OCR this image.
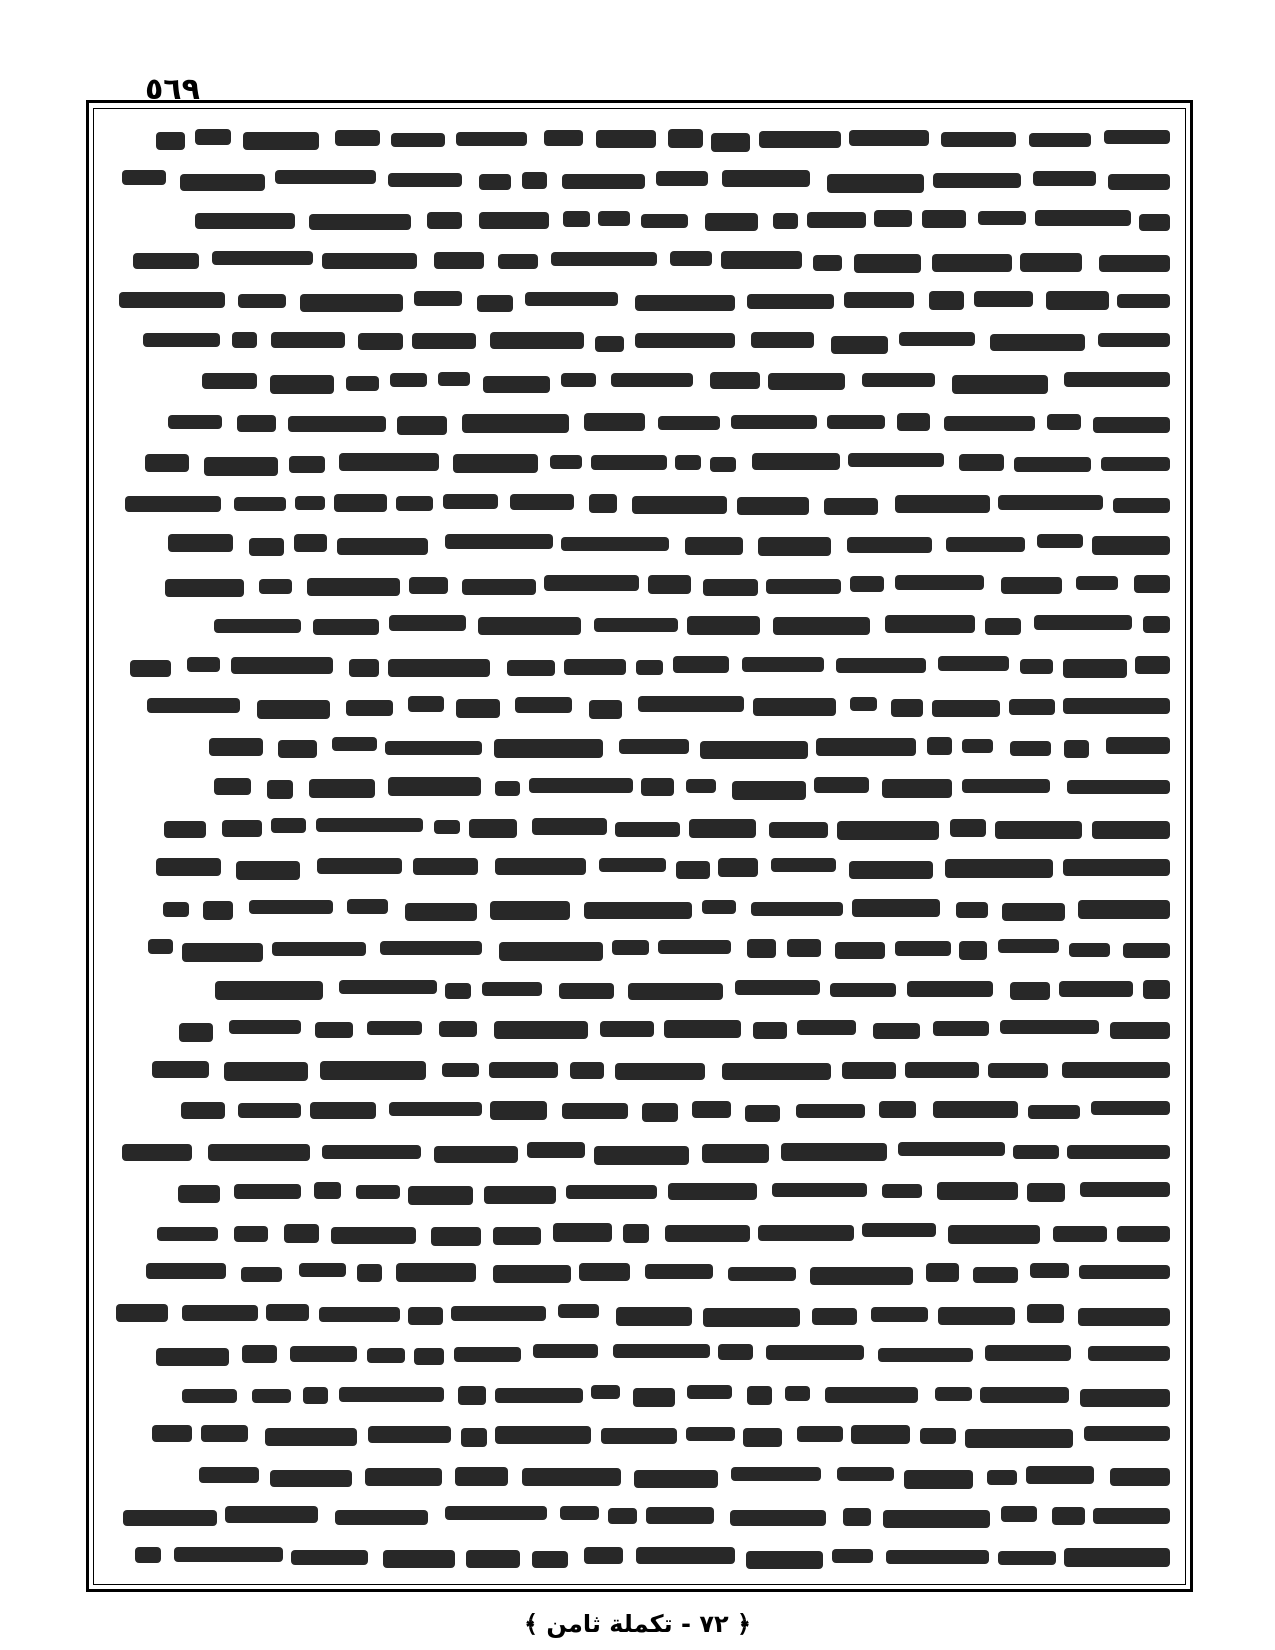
٥٦٩
﴿ ٧٢ - تكملة ثامن ﴾
